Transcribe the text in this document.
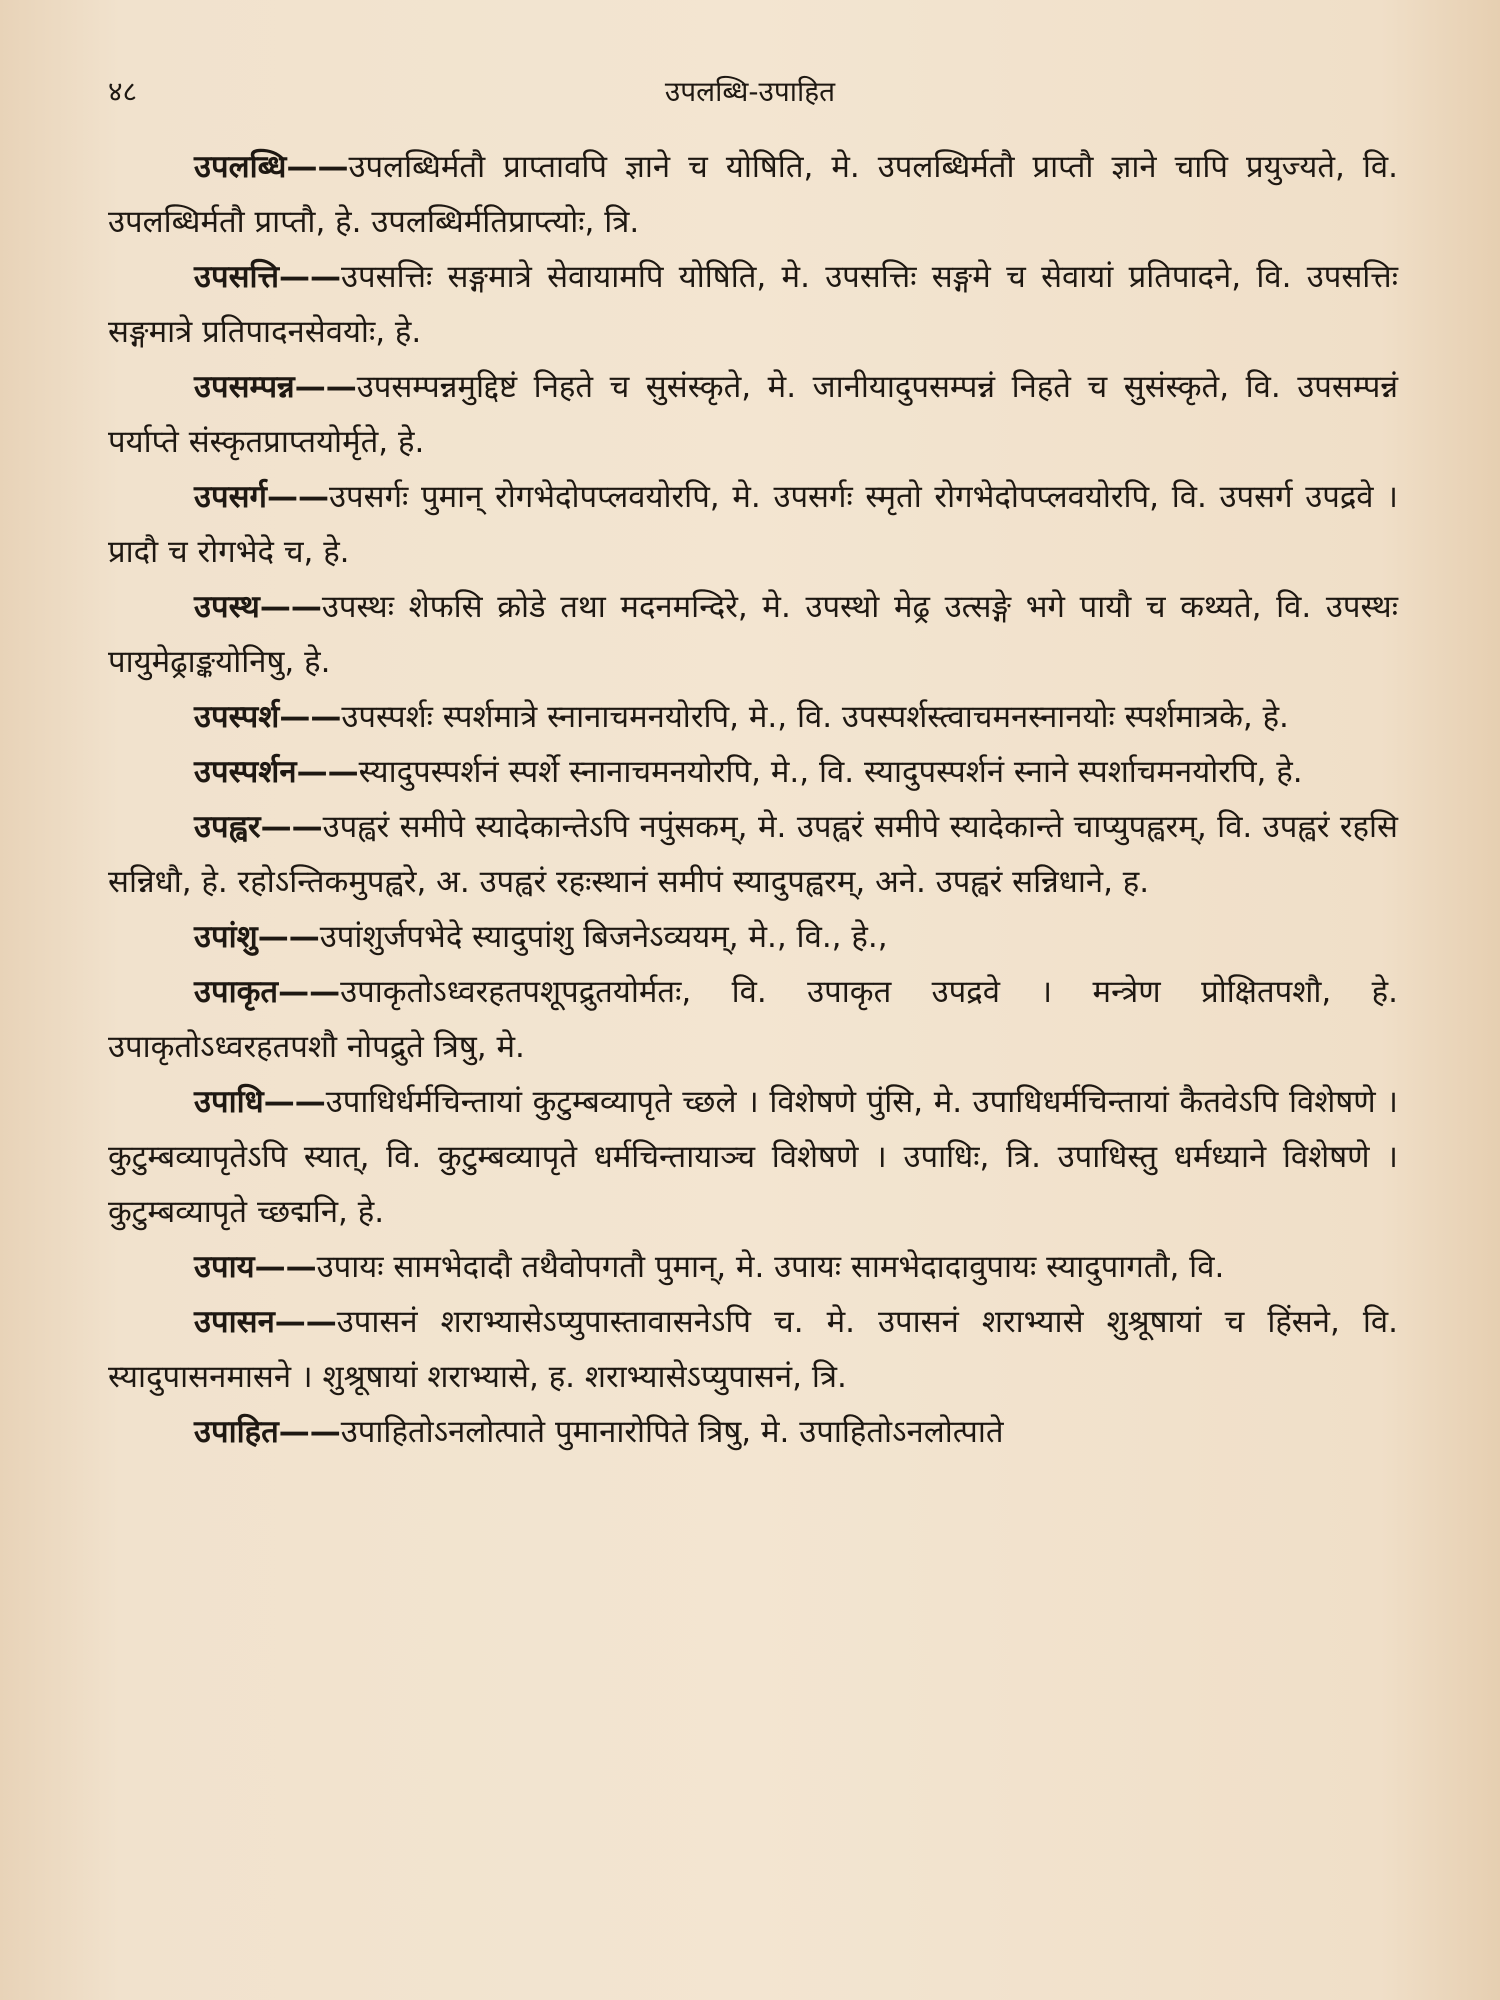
४८	उपलब्धि-उपाहित

उपलब्धि——उपलब्धिर्मतौ प्राप्तावपि ज्ञाने च योषिति, मे. उपलब्धिर्मतौ प्राप्तौ ज्ञाने चापि प्रयुज्यते, वि. उपलब्धिर्मतौ प्राप्तौ, हे. उपलब्धिर्मतिप्राप्त्योः, त्रि.

उपसत्ति——उपसत्तिः सङ्गमात्रे सेवायामपि योषिति, मे. उपसत्तिः सङ्गमे च सेवायां प्रतिपादने, वि. उपसत्तिः सङ्गमात्रे प्रतिपादनसेवयोः, हे.

उपसम्पन्न——उपसम्पन्नमुद्दिष्टं निहते च सुसंस्कृते, मे. जानीयादुपसम्पन्नं निहते च सुसंस्कृते, वि. उपसम्पन्नं पर्याप्ते संस्कृतप्राप्तयोर्मृते, हे.

उपसर्ग——उपसर्गः पुमान् रोगभेदोपप्लवयोरपि, मे. उपसर्गः स्मृतो रोगभेदोपप्लवयोरपि, वि. उपसर्ग उपद्रवे । प्रादौ च रोगभेदे च, हे.

उपस्थ——उपस्थः शेफसि क्रोडे तथा मदनमन्दिरे, मे. उपस्थो मेढ्र उत्सङ्गे भगे पायौ च कथ्यते, वि. उपस्थः पायुमेढ्राङ्कयोनिषु, हे.

उपस्पर्श——उपस्पर्शः स्पर्शमात्रे स्नानाचमनयोरपि, मे., वि. उपस्पर्शस्त्वाचमनस्नानयोः स्पर्शमात्रके, हे.

उपस्पर्शन——स्यादुपस्पर्शनं स्पर्शे स्नानाचमनयोरपि, मे., वि. स्यादुपस्पर्शनं स्नाने स्पर्शाचमनयोरपि, हे.

उपह्वर——उपह्वरं समीपे स्यादेकान्तेऽपि नपुंसकम्, मे. उपह्वरं समीपे स्यादेकान्ते चाप्युपह्वरम्, वि. उपह्वरं रहसि सन्निधौ, हे. रहोऽन्तिकमुपह्वरे, अ. उपह्वरं रहःस्थानं समीपं स्यादुपह्वरम्, अने. उपह्वरं सन्निधाने, ह.

उपांशु——उपांशुर्जपभेदे स्यादुपांशु बिजनेऽव्ययम्, मे., वि., हे.,

उपाकृत——उपाकृतोऽध्वरहतपशूपद्रुतयोर्मतः, वि. उपाकृत उपद्रवे । मन्त्रेण प्रोक्षितपशौ, हे. उपाकृतोऽध्वरहतपशौ नोपद्रुते त्रिषु, मे.

उपाधि——उपाधिर्धर्मचिन्तायां कुटुम्बव्यापृते च्छले । विशेषणे पुंसि, मे. उपाधिधर्मचिन्तायां कैतवेऽपि विशेषणे । कुटुम्बव्यापृतेऽपि स्यात्, वि. कुटुम्बव्यापृते धर्मचिन्तायाञ्च विशेषणे । उपाधिः, त्रि. उपाधिस्तु धर्मध्याने विशेषणे । कुटुम्बव्यापृते च्छद्मनि, हे.

उपाय——उपायः सामभेदादौ तथैवोपगतौ पुमान्, मे. उपायः सामभेदादावुपायः स्यादुपागतौ, वि.

उपासन——उपासनं शराभ्यासेऽप्युपास्तावासनेऽपि च. मे. उपासनं शराभ्यासे शुश्रूषायां च हिंसने, वि. स्यादुपासनमासने । शुश्रूषायां शराभ्यासे, ह. शराभ्यासेऽप्युपासनं, त्रि.

उपाहित——उपाहितोऽनलोत्पाते पुमानारोपिते त्रिषु, मे. उपाहितोऽनलोत्पाते
